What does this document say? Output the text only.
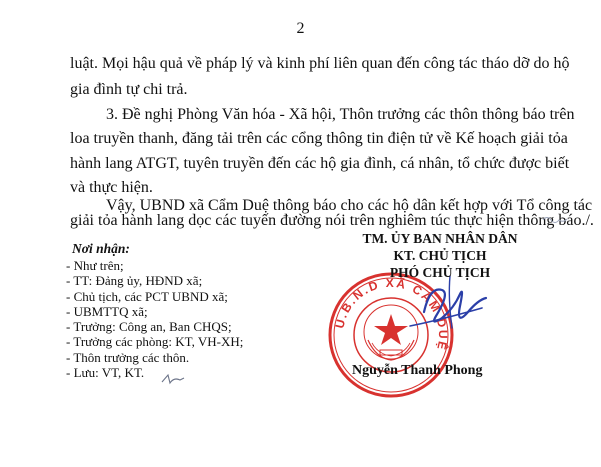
2
luật. Mọi hậu quả về pháp lý và kinh phí liên quan đến công tác tháo dỡ do hộ
gia đình tự chi trả.
3. Đề nghị Phòng Văn hóa - Xã hội, Thôn trưởng các thôn thông báo trên
loa truyền thanh, đăng tải trên các cổng thông tin điện tử về Kế hoạch giải tỏa
hành lang ATGT, tuyên truyền đến các hộ gia đình, cá nhân, tổ chức được biết
và thực hiện.
Vậy, UBND xã Cẩm Duệ thông báo cho các hộ dân kết hợp với Tổ công tác
giải tỏa hành lang dọc các tuyến đường nói trên nghiêm túc thực hiện thông báo./.
Nơi nhận:
- Như trên;
- TT: Đảng ủy, HĐND xã;
- Chủ tịch, các PCT UBND xã;
- UBMTTQ xã;
- Trưởng: Công an, Ban CHQS;
- Trưởng các phòng: KT, VH-XH;
- Thôn trưởng các thôn.
- Lưu: VT, KT.
U.B.N.D XÃ CẨM DUỆ
TM. ỦY BAN NHÂN DÂN
KT. CHỦ TỊCH
PHÓ CHỦ TỊCH
Nguyễn Thanh Phong
